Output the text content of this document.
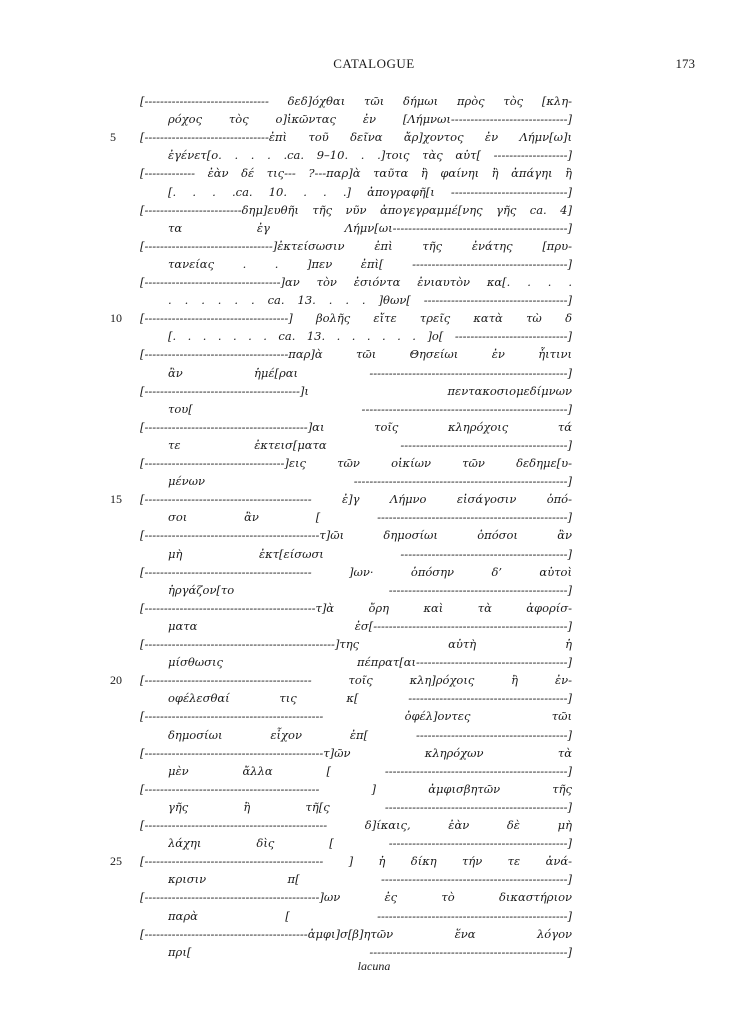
CATALOGUE	173
[-------------------------------- δεδ]όχθαι τῶι δήμωι πρὸς τὸς [κλη-
ρόχος τὸς ο]ἰκῶντας ἐν [Λήμνωι------------------------------]
[--------------------------------ἐπὶ τοῦ δεῖνα ἄρ]χοντος ἐν Λήμν[ω]ι
ἐγένετ[ο. . . . .ca. 9–10. . .]τοις τὰς αὐτ[ -------------------]
[------------- ἐὰν δέ τις--- ?---παρ]ὰ ταῦτα ἢ φαίνηι ἢ ἀπάγηι ἢ
[. . . .ca. 10. . . .] ἀπογραφῆ[ι ------------------------------]
[-------------------------δημ]ευθῆι τῆς νῦν ἀπογεγραμμέ[νης γῆς ca. 4]
τα ἐγ Λήμν[ωι---------------------------------------------]
[---------------------------------]ἐκτείσωσιν ἐπὶ τῆς ἐνάτης [πρυ-
τανείας . . ]πεν ἐπὶ[ ----------------------------------------]
[-----------------------------------]αν τὸν ἐσιόντα ἐνιαυτὸν κα[. . . .
. . . . . . ca. 13. . . . ]θων[ -------------------------------------]
[-------------------------------------] βολῆς εἴτε τρεῖς κατὰ τὼ δ
[. . . . . . . ca. 13. . . . . . . ]ο[ -----------------------------]
[-------------------------------------παρ]ὰ τῶι Θησείωι ἐν ἧιτινι
ἂν ἡμέ[ραι ---------------------------------------------------]
[----------------------------------------]ι πεντακοσιομεδίμνων
του[ -----------------------------------------------------]
[------------------------------------------]αι τοῖς κληρόχοις τά
τε ἐκτεισ[ματα -------------------------------------------]
[------------------------------------]εις τῶν οἰκίων τῶν δεδημε[υ-
μένων -------------------------------------------------------]
[------------------------------------------- ἐ]γ Λήμνο εἰσάγοσιν ὁπό-
σοι ἂν [ -------------------------------------------------]
[---------------------------------------------τ]ῶι δημοσίωι ὁπόσοι ἂν
μὴ ἐκτ[είσωσι -------------------------------------------]
[------------------------------------------- ]ων· ὁπόσην δ’ αὐτοὶ
ἠργάζον[το ----------------------------------------------]
[--------------------------------------------τ]ὰ ὄρη καὶ τὰ ἀφορίσ-
ματα ἐσ[--------------------------------------------------]
[-------------------------------------------------]της αὐτὴ ἡ
μίσθωσις πέπρατ[αι---------------------------------------]
[------------------------------------------- τοῖς κλη]ρόχοις ἢ ἐν-
οφέλεσθαί τις κ[ -----------------------------------------]
[---------------------------------------------- ὀφέλ]οντες τῶι
δημοσίωι εἶχον ἐπ[ ---------------------------------------]
[----------------------------------------------τ]ῶν κληρόχων τὰ
μὲν ἄλλα [ -----------------------------------------------]
[--------------------------------------------- ] ἀμφισβητῶν τῆς
γῆς ἢ τῆ[ς -----------------------------------------------]
[----------------------------------------------- δ]ίκαις, ἐὰν δὲ μὴ
λάχηι δὶς [ ----------------------------------------------]
[---------------------------------------------- ] ἡ δίκη τήν τε ἀνά-
κρισιν π[ ------------------------------------------------]
[---------------------------------------------]ων ἐς τὸ δικαστήριον
παρὰ [ -------------------------------------------------]
[------------------------------------------ἀμφι]σ[β]ητῶν ἕνα λόγον
πρι[ ---------------------------------------------------]
5
10
15
20
25
lacuna
